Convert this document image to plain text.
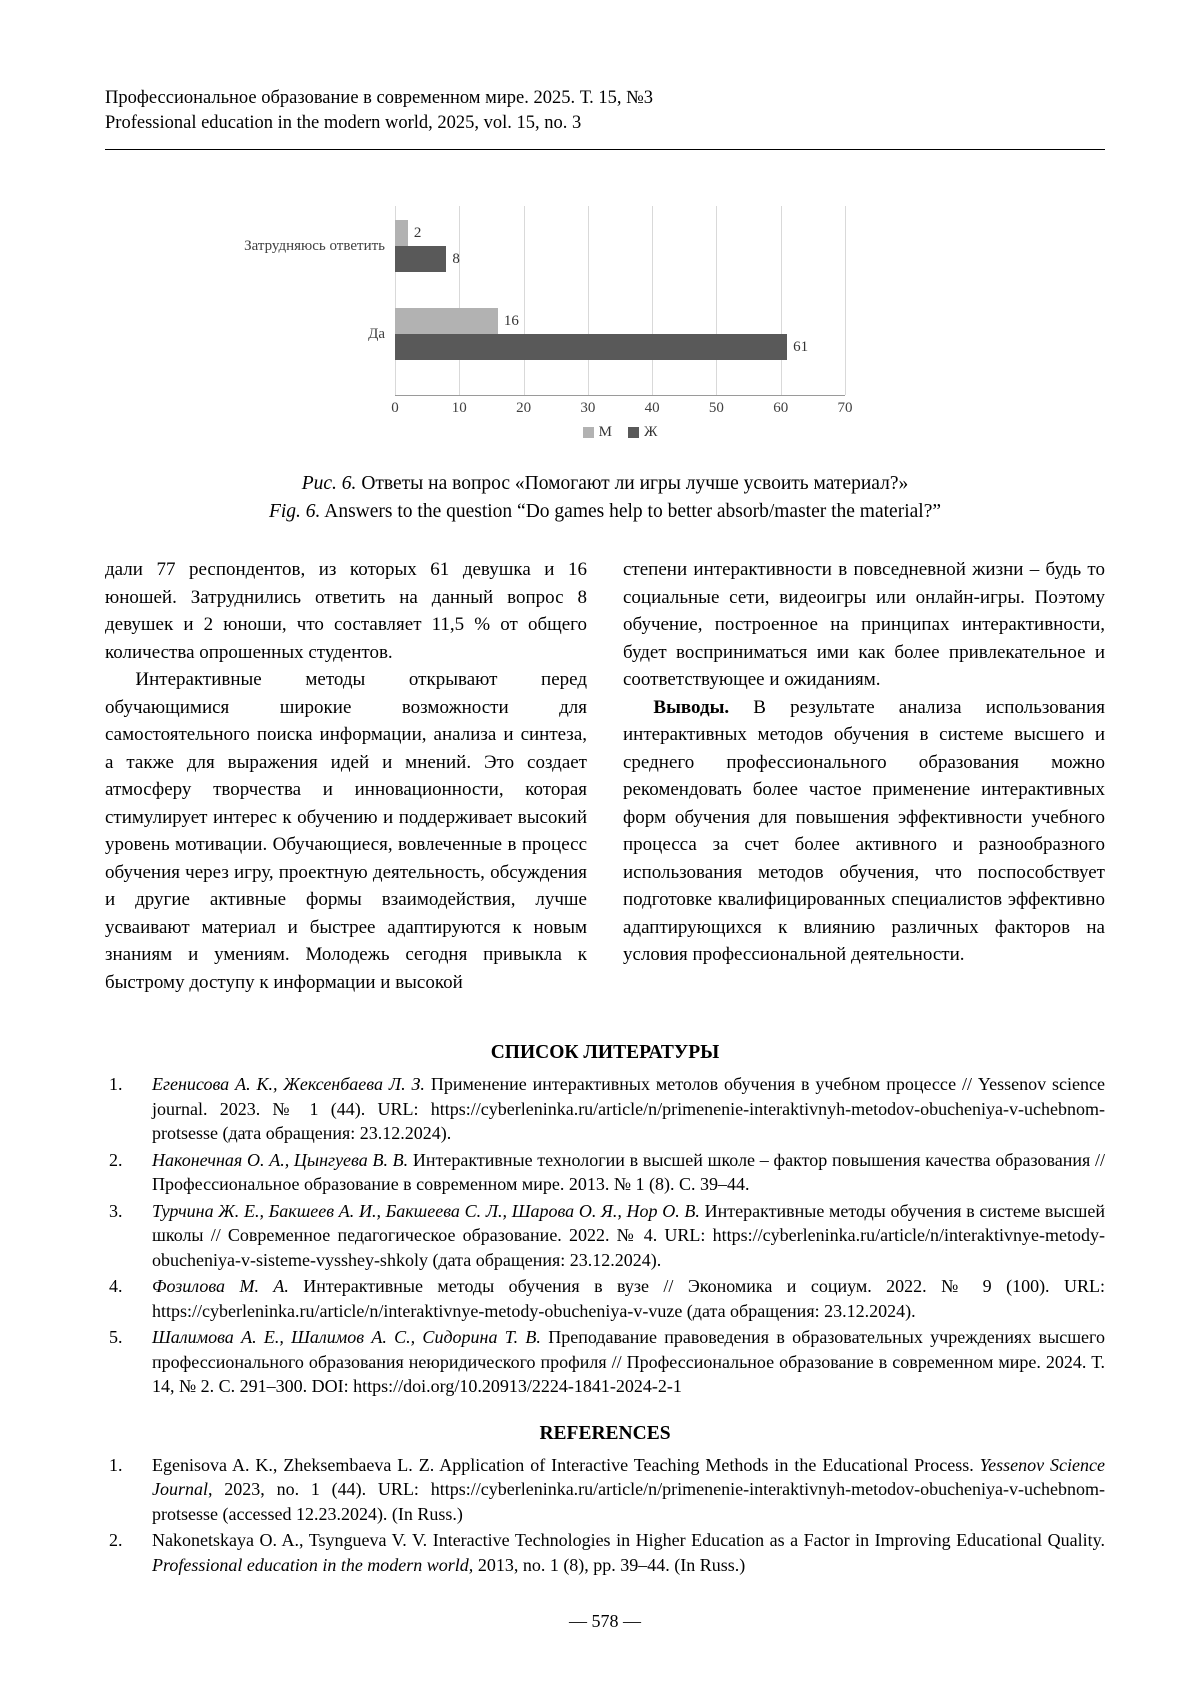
Профессиональное образование в современном мире. 2025. Т. 15, №3
Professional education in the modern world, 2025, vol. 15, no. 3
Затрудняюсь ответить
Да
2
8
16
61
0	10	20	30	40	50	60	70
М Ж
Рис. 6. Ответы на вопрос «Помогают ли игры лучше усвоить материал?»
Fig. 6. Answers to the question “Do games help to better absorb/master the material?”

дали 77 респондентов, из которых 61 девушка и 16 юношей. Затруднились ответить на данный вопрос 8 девушек и 2 юноши, что составляет 11,5 % от общего количества опрошенных студентов.

Интерактивные методы открывают перед обучающимися широкие возможности для самостоятельного поиска информации, анализа и синтеза, а также для выражения идей и мнений. Это создает атмосферу творчества и инновационности, которая стимулирует интерес к обучению и поддерживает высокий уровень мотивации. Обучающиеся, вовлеченные в процесс обучения через игру, проектную деятельность, обсуждения и другие активные формы взаимодействия, лучше усваивают материал и быстрее адаптируются к новым знаниям и умениям. Молодежь сегодня привыкла к быстрому доступу к информации и высокой

степени интерактивности в повседневной жизни – будь то социальные сети, видеоигры или онлайн-игры. Поэтому обучение, построенное на принципах интерактивности, будет восприниматься ими как более привлекательное и соответствующее и ожиданиям.

Выводы. В результате анализа использования интерактивных методов обучения в системе высшего и среднего профессионального образования можно рекомендовать более частое применение интерактивных форм обучения для повышения эффективности учебного процесса за счет более активного и разнообразного использования методов обучения, что поспособствует подготовке квалифицированных специалистов эффективно адаптирующихся к влиянию различных факторов на условия профессиональной деятельности.

СПИСОК ЛИТЕРАТУРЫ
1.	Егенисова А. К., Жексенбаева Л. З. Применение интерактивных метолов обучения в учебном процессе // Yessenov science journal. 2023. № 1 (44). URL: https://cyberleninka.ru/article/n/primenenie-interaktivnyh-metodov-obucheniya-v-uchebnom-protsesse (дата обращения: 23.12.2024).
2.	Наконечная О. А., Цынгуева В. В. Интерактивные технологии в высшей школе – фактор повышения качества образования // Профессиональное образование в современном мире. 2013. № 1 (8). С. 39–44.
3.	Турчина Ж. Е., Бакшеев А. И., Бакшеева С. Л., Шарова О. Я., Нор О. В. Интерактивные методы обучения в системе высшей школы // Современное педагогическое образование. 2022. № 4. URL: https://cyberleninka.ru/article/n/interaktivnye-metody-obucheniya-v-sisteme-vysshey-shkoly (дата обращения: 23.12.2024).
4.	Фозилова М. А. Интерактивные методы обучения в вузе // Экономика и социум. 2022. № 9 (100). URL: https://cyberleninka.ru/article/n/interaktivnye-metody-obucheniya-v-vuze (дата обращения: 23.12.2024).
5.	Шалимова А. Е., Шалимов А. С., Сидорина Т. В. Преподавание правоведения в образовательных учреждениях высшего профессионального образования неюридического профиля // Профессиональное образование в современном мире. 2024. Т. 14, № 2. С. 291–300. DOI: https://doi.org/10.20913/2224-1841-2024-2-1
REFERENCES
1.	Egenisova A. K., Zheksembaeva L. Z. Application of Interactive Teaching Methods in the Educational Process. Yessenov Science Journal, 2023, no. 1 (44). URL: https://cyberleninka.ru/article/n/primenenie-interaktivnyh-metodov-obucheniya-v-uchebnom-protsesse (accessed 12.23.2024). (In Russ.)
2.	Nakonetskaya O. A., Tsyngueva V. V. Interactive Technologies in Higher Education as a Factor in Improving Educational Quality. Professional education in the modern world, 2013, no. 1 (8), pp. 39–44. (In Russ.)
— 578 —
